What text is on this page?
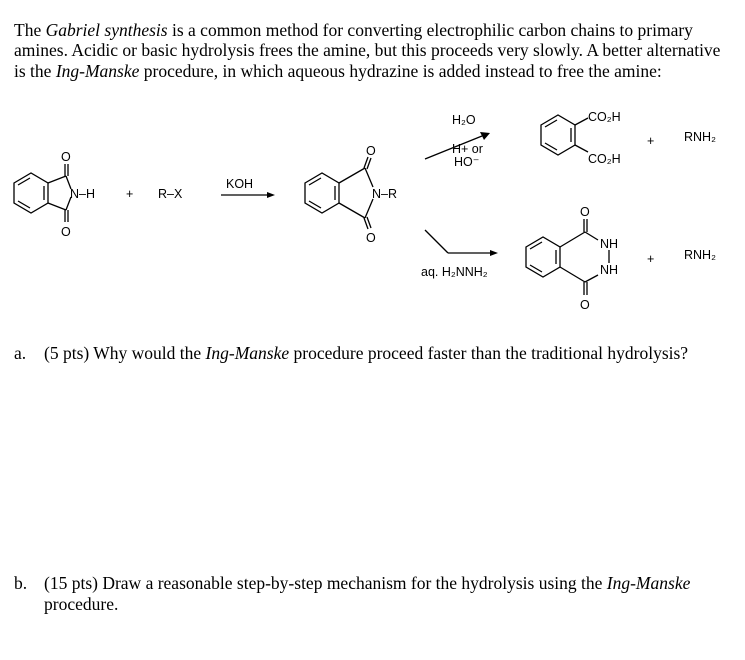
The Gabriel synthesis is a common method for converting electrophilic carbon chains to primary amines. Acidic or basic hydrolysis frees the amine, but this proceeds very slowly. A better alternative is the Ing-Manske procedure, in which aqueous hydrazine is added instead to free the amine:

O
O
N–H + R–X
KOH
O
O
N–R
H₂O
H+ or
HO⁻
CO₂H
CO₂H
+ RNH₂
aq. H₂NNH₂
O
O
NH
NH
+ RNH₂
a. (5 pts) Why would the Ing-Manske procedure proceed faster than the traditional hydrolysis?
b. (15 pts) Draw a reasonable step-by-step mechanism for the hydrolysis using the Ing-Manske procedure.
